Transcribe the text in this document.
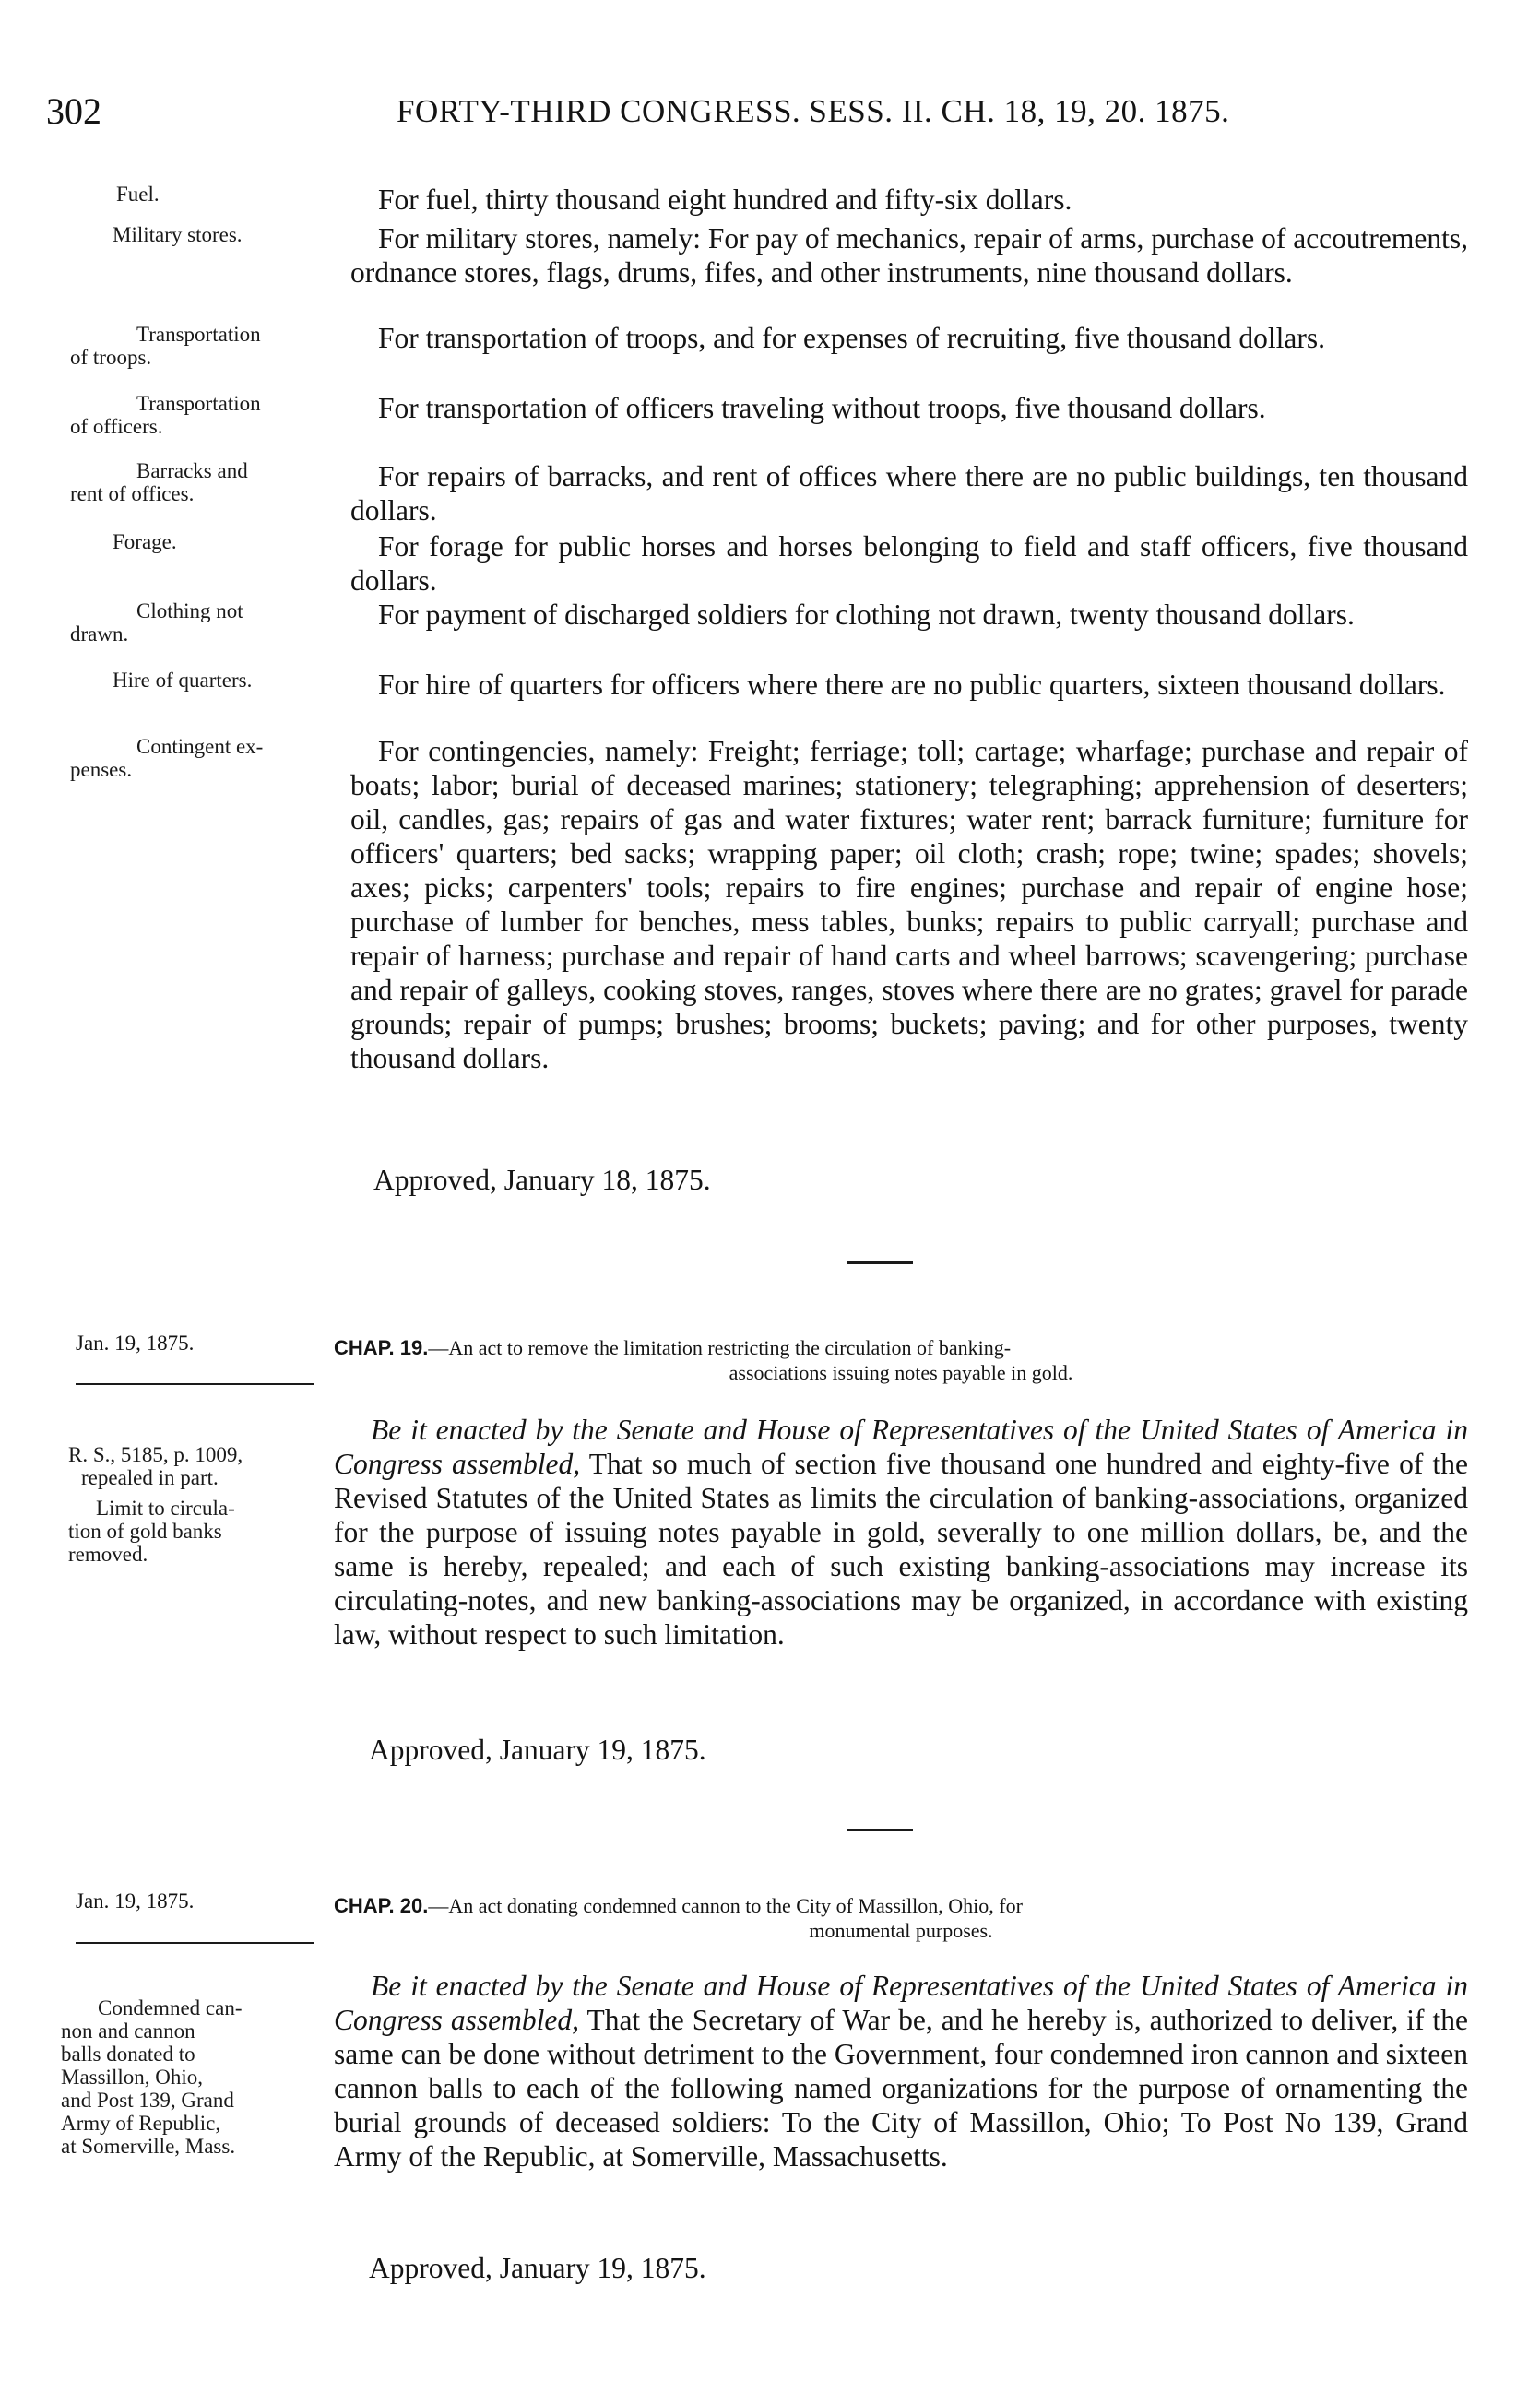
302	FORTY-THIRD CONGRESS. SESS. II. CH. 18, 19, 20. 1875.
Fuel.	For fuel, thirty thousand eight hundred and fifty-six dollars.
Military stores.	For military stores, namely: For pay of mechanics, repair of arms, purchase of accoutrements, ordnance stores, flags, drums, fifes, and other instruments, nine thousand dollars.
Transportation
of troops.
For transportation of troops, and for expenses of recruiting, five thousand dollars.
Transportation
of officers.
For transportation of officers traveling without troops, five thousand dollars.
Barracks and
rent of offices.
For repairs of barracks, and rent of offices where there are no public buildings, ten thousand dollars.
Forage.	For forage for public horses and horses belonging to field and staff officers, five thousand dollars.
Clothing not
drawn.
For payment of discharged soldiers for clothing not drawn, twenty thousand dollars.
Hire of quarters.	For hire of quarters for officers where there are no public quarters, sixteen thousand dollars.
Contingent ex-
penses.
For contingencies, namely: Freight; ferriage; toll; cartage; wharfage; purchase and repair of boats; labor; burial of deceased marines; stationery; telegraphing; apprehension of deserters; oil, candles, gas; repairs of gas and water fixtures; water rent; barrack furniture; furniture for officers' quarters; bed sacks; wrapping paper; oil cloth; crash; rope; twine; spades; shovels; axes; picks; carpenters' tools; repairs to fire engines; purchase and repair of engine hose; purchase of lumber for benches, mess tables, bunks; repairs to public carryall; purchase and repair of harness; purchase and repair of hand carts and wheel barrows; scavengering; purchase and repair of galleys, cooking stoves, ranges, stoves where there are no grates; gravel for parade grounds; repair of pumps; brushes; brooms; buckets; paving; and for other purposes, twenty thousand dollars.
Approved, January 18, 1875.
Jan. 19, 1875.	CHAP. 19.—An act to remove the limitation restricting the circulation of banking-
associations issuing notes payable in gold.
R. S., 5185, p. 1009,
repealed in part.
Limit to circula-
tion of gold banks
removed.
Be it enacted by the Senate and House of Representatives of the United States of America in Congress assembled, That so much of section five thousand one hundred and eighty-five of the Revised Statutes of the United States as limits the circulation of banking-associations, organized for the purpose of issuing notes payable in gold, severally to one million dollars, be, and the same is hereby, repealed; and each of such existing banking-associations may increase its circulating-notes, and new banking-associations may be organized, in accordance with existing law, without respect to such limitation.
Approved, January 19, 1875.
Jan. 19, 1875.	CHAP. 20.—An act donating condemned cannon to the City of Massillon, Ohio, for
monumental purposes.
Condemned can-
non and cannon
balls donated to
Massillon, Ohio,
and Post 139, Grand
Army of Republic,
at Somerville, Mass.
Be it enacted by the Senate and House of Representatives of the United States of America in Congress assembled, That the Secretary of War be, and he hereby is, authorized to deliver, if the same can be done without detriment to the Government, four condemned iron cannon and sixteen cannon balls to each of the following named organizations for the purpose of ornamenting the burial grounds of deceased soldiers: To the City of Massillon, Ohio; To Post No 139, Grand Army of the Republic, at Somerville, Massachusetts.
Approved, January 19, 1875.
